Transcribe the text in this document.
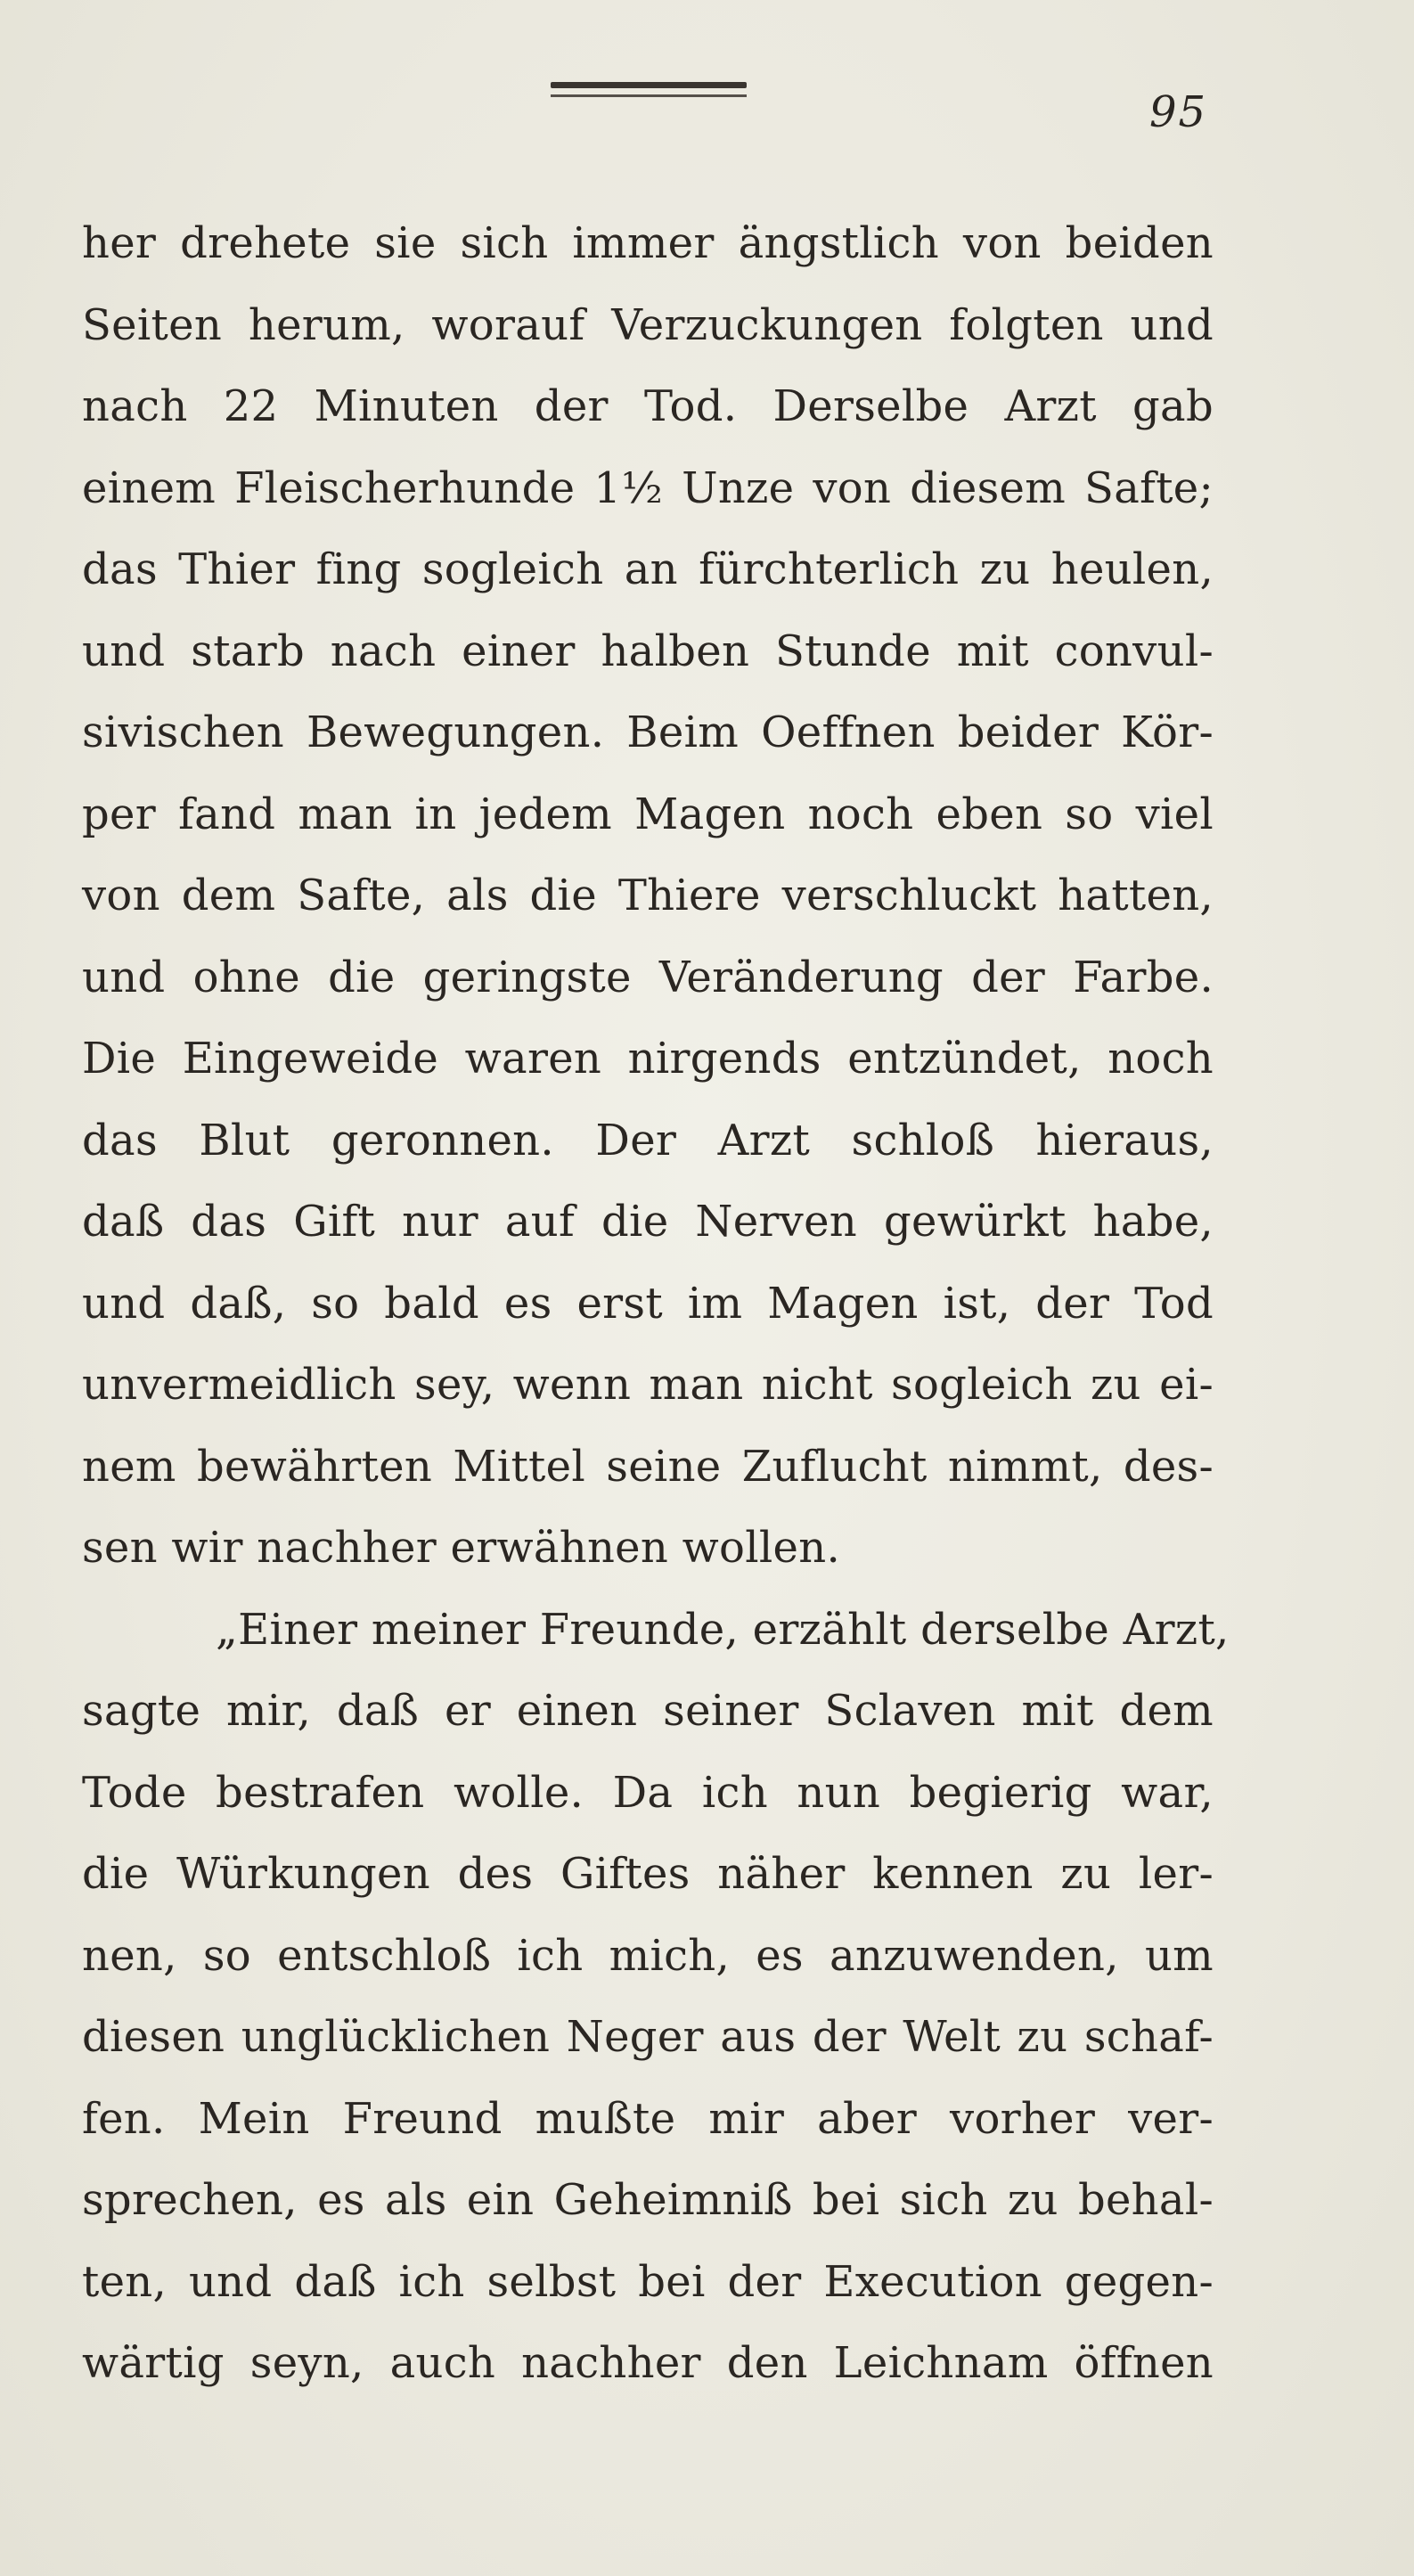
95
her drehete sie sich immer ängstlich von beiden
Seiten herum, worauf Verzuckungen folgten und
nach 22 Minuten der Tod. Derselbe Arzt gab
einem Fleischerhunde 1½ Unze von diesem Safte;
das Thier fing sogleich an fürchterlich zu heulen,
und starb nach einer halben Stunde mit convul-
sivischen Bewegungen. Beim Oeffnen beider Kör-
per fand man in jedem Magen noch eben so viel
von dem Safte, als die Thiere verschluckt hatten,
und ohne die geringste Veränderung der Farbe.
Die Eingeweide waren nirgends entzündet, noch
das Blut geronnen. Der Arzt schloß hieraus,
daß das Gift nur auf die Nerven gewürkt habe,
und daß, so bald es erst im Magen ist, der Tod
unvermeidlich sey, wenn man nicht sogleich zu ei-
nem bewährten Mittel seine Zuflucht nimmt, des-
sen wir nachher erwähnen wollen.
„Einer meiner Freunde, erzählt derselbe Arzt,
sagte mir, daß er einen seiner Sclaven mit dem
Tode bestrafen wolle. Da ich nun begierig war,
die Würkungen des Giftes näher kennen zu ler-
nen, so entschloß ich mich, es anzuwenden, um
diesen unglücklichen Neger aus der Welt zu schaf-
fen. Mein Freund mußte mir aber vorher ver-
sprechen, es als ein Geheimniß bei sich zu behal-
ten, und daß ich selbst bei der Execution gegen-
wärtig seyn, auch nachher den Leichnam öffnen
